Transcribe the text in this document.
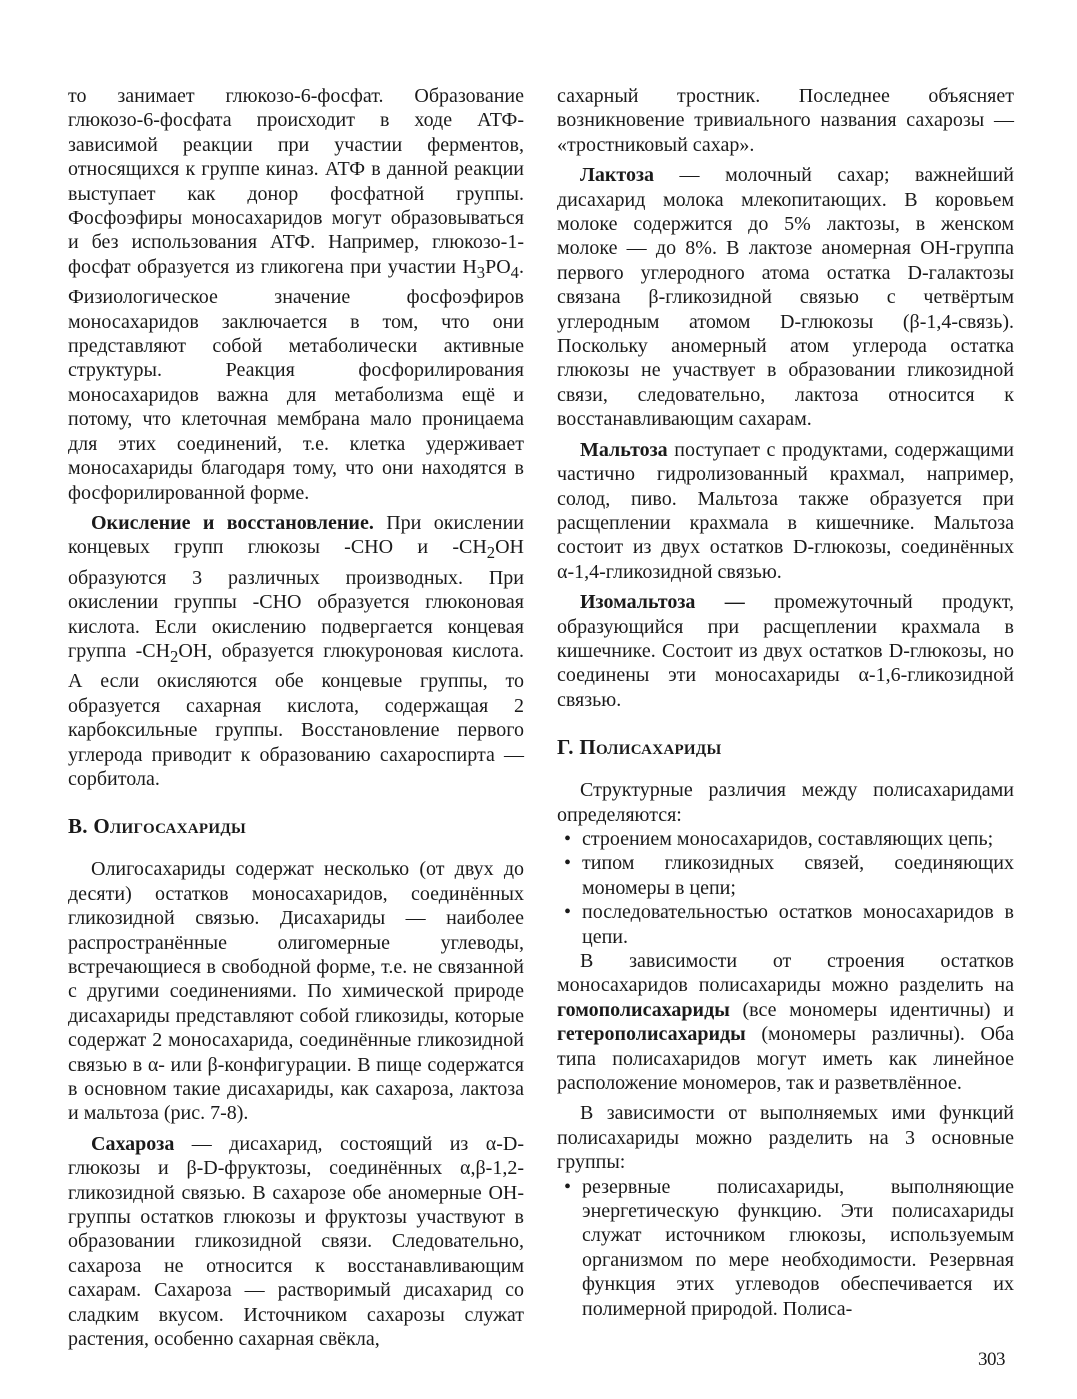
то занимает глюкозо-6-фосфат. Образование глюкозо-6-фосфата происходит в ходе АТФ-зависимой реакции при участии ферментов, относящихся к группе киназ. АТФ в данной реакции выступает как донор фосфатной группы. Фосфоэфиры моносахаридов могут образовываться и без использования АТФ. Например, глюкозо-1-фосфат образуется из гликогена при участии $H_3PO_4$. Физиологическое значение фосфоэфиров моносахаридов заключается в том, что они представляют собой метаболически активные структуры. Реакция фосфорилирования моносахаридов важна для метаболизма ещё и потому, что клеточная мембрана мало проницаема для этих соединений, т.е. клетка удерживает моносахариды благодаря тому, что они находятся в фосфорилированной форме.

Окисление и восстановление. При окислении концевых групп глюкозы -СНО и $-СН_2ОН$ образуются 3 различных производных. При окислении группы -СНО образуется глюконовая кислота. Если окислению подвергается концевая группа $-СН_2ОН$, образуется глюкуроновая кислота. А если окисляются обе концевые группы, то образуется сахарная кислота, содержащая 2 карбоксильные группы. Восстановление первого углерода приводит к образованию сахароспирта — сорбитола.

В. Олигосахариды

Олигосахариды содержат несколько (от двух до десяти) остатков моносахаридов, соединённых гликозидной связью. Дисахариды — наиболее распространённые олигомерные углеводы, встречающиеся в свободной форме, т.е. не связанной с другими соединениями. По химической природе дисахариды представляют собой гликозиды, которые содержат 2 моносахарида, соединённые гликозидной связью в α- или β-конфигурации. В пище содержатся в основном такие дисахариды, как сахароза, лактоза и мальтоза (рис. 7-8).

Сахароза — дисахарид, состоящий из α-D-глюкозы и β-D-фруктозы, соединённых α,β-1,2-гликозидной связью. В сахарозе обе аномерные ОН-группы остатков глюкозы и фруктозы участвуют в образовании гликозидной связи. Следовательно, сахароза не относится к восстанавливающим сахарам. Сахароза — растворимый дисахарид со сладким вкусом. Источником сахарозы служат растения, особенно сахарная свёкла,

сахарный тростник. Последнее объясняет возникновение тривиального названия сахарозы — «тростниковый сахар».

Лактоза — молочный сахар; важнейший дисахарид молока млекопитающих. В коровьем молоке содержится до 5% лактозы, в женском молоке — до 8%. В лактозе аномерная ОН-группа первого углеродного атома остатка D-галактозы связана β-гликозидной связью с четвёртым углеродным атомом D-глюкозы (β-1,4-связь). Поскольку аномерный атом углерода остатка глюкозы не участвует в образовании гликозидной связи, следовательно, лактоза относится к восстанавливающим сахарам.

Мальтоза поступает с продуктами, содержащими частично гидролизованный крахмал, например, солод, пиво. Мальтоза также образуется при расщеплении крахмала в кишечнике. Мальтоза состоит из двух остатков D-глюкозы, соединённых α-1,4-гликозидной связью.

Изомальтоза — промежуточный продукт, образующийся при расщеплении крахмала в кишечнике. Состоит из двух остатков D-глюкозы, но соединены эти моносахариды α-1,6-гликозидной связью.

Г. Полисахариды

Структурные различия между полисахаридами определяются:

• строением моносахаридов, составляющих цепь;
• типом гликозидных связей, соединяющих мономеры в цепи;
• последовательностью остатков моносахаридов в цепи.

В зависимости от строения остатков моносахаридов полисахариды можно разделить на гомополисахариды (все мономеры идентичны) и гетерополисахариды (мономеры различны). Оба типа полисахаридов могут иметь как линейное расположение мономеров, так и разветвлённое.

В зависимости от выполняемых ими функций полисахариды можно разделить на 3 основные группы:

• резервные полисахариды, выполняющие энергетическую функцию. Эти полисахариды служат источником глюкозы, используемым организмом по мере необходимости. Резервная функция этих углеводов обеспечивается их полимерной природой. Полиса-
303
